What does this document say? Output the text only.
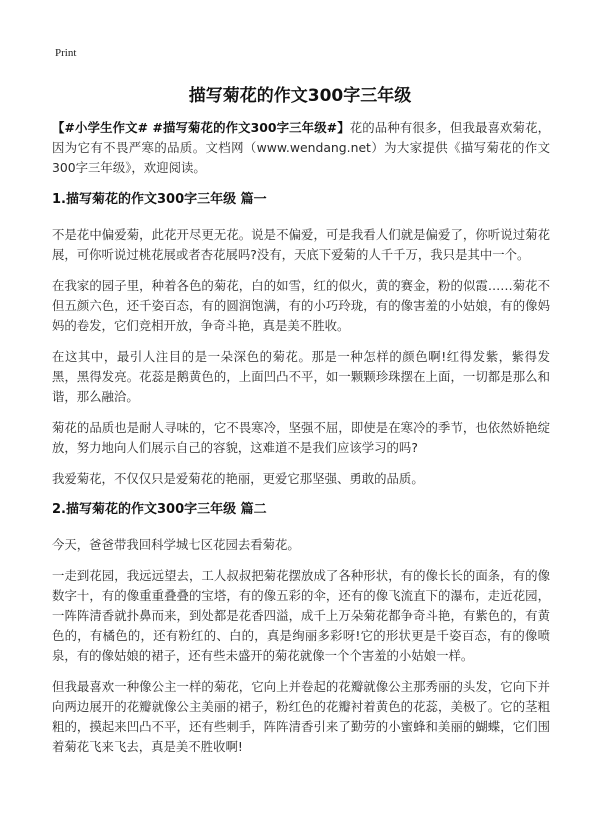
Print
描写菊花的作文300字三年级

【#小学生作文# #描写菊花的作文300字三年级#】花的品种有很多，但我最喜欢菊花，因为它有不畏严寒的品质。文档网（www.wendang.net）为大家提供《描写菊花的作文300字三年级》，欢迎阅读。

1.描写菊花的作文300字三年级 篇一

不是花中偏爱菊，此花开尽更无花。说是不偏爱，可是我看人们就是偏爱了，你听说过菊花展，可你听说过桃花展或者杏花展吗?没有，天底下爱菊的人千千万，我只是其中一个。

在我家的园子里，种着各色的菊花，白的如雪，红的似火，黄的赛金，粉的似霞……菊花不但五颜六色，还千姿百态，有的圆润饱满，有的小巧玲珑，有的像害羞的小姑娘，有的像妈妈的卷发，它们竞相开放，争奇斗艳，真是美不胜收。

在这其中，最引人注目的是一朵深色的菊花。那是一种怎样的颜色啊!红得发紫，紫得发黑，黑得发亮。花蕊是鹅黄色的，上面凹凸不平，如一颗颗珍珠摆在上面，一切都是那么和谐，那么融洽。

菊花的品质也是耐人寻味的，它不畏寒冷，坚强不屈，即使是在寒冷的季节，也依然娇艳绽放，努力地向人们展示自己的容貌，这难道不是我们应该学习的吗?

我爱菊花，不仅仅只是爱菊花的艳丽，更爱它那坚强、勇敢的品质。

2.描写菊花的作文300字三年级 篇二

今天，爸爸带我回科学城七区花园去看菊花。

一走到花园，我远远望去，工人叔叔把菊花摆放成了各种形状，有的像长长的面条，有的像数字十，有的像重重叠叠的宝塔，有的像五彩的伞，还有的像飞流直下的瀑布，走近花园，一阵阵清香就扑鼻而来，到处都是花香四溢，成千上万朵菊花都争奇斗艳，有紫色的，有黄色的，有橘色的，还有粉红的、白的，真是绚丽多彩呀!它的形状更是千姿百态，有的像喷泉，有的像姑娘的裙子，还有些未盛开的菊花就像一个个害羞的小姑娘一样。

但我最喜欢一种像公主一样的菊花，它向上并卷起的花瓣就像公主那秀丽的头发，它向下并向两边展开的花瓣就像公主美丽的裙子，粉红色的花瓣衬着黄色的花蕊，美极了。它的茎粗粗的，摸起来凹凸不平，还有些刺手，阵阵清香引来了勤劳的小蜜蜂和美丽的蝴蝶，它们围着菊花飞来飞去，真是美不胜收啊!
